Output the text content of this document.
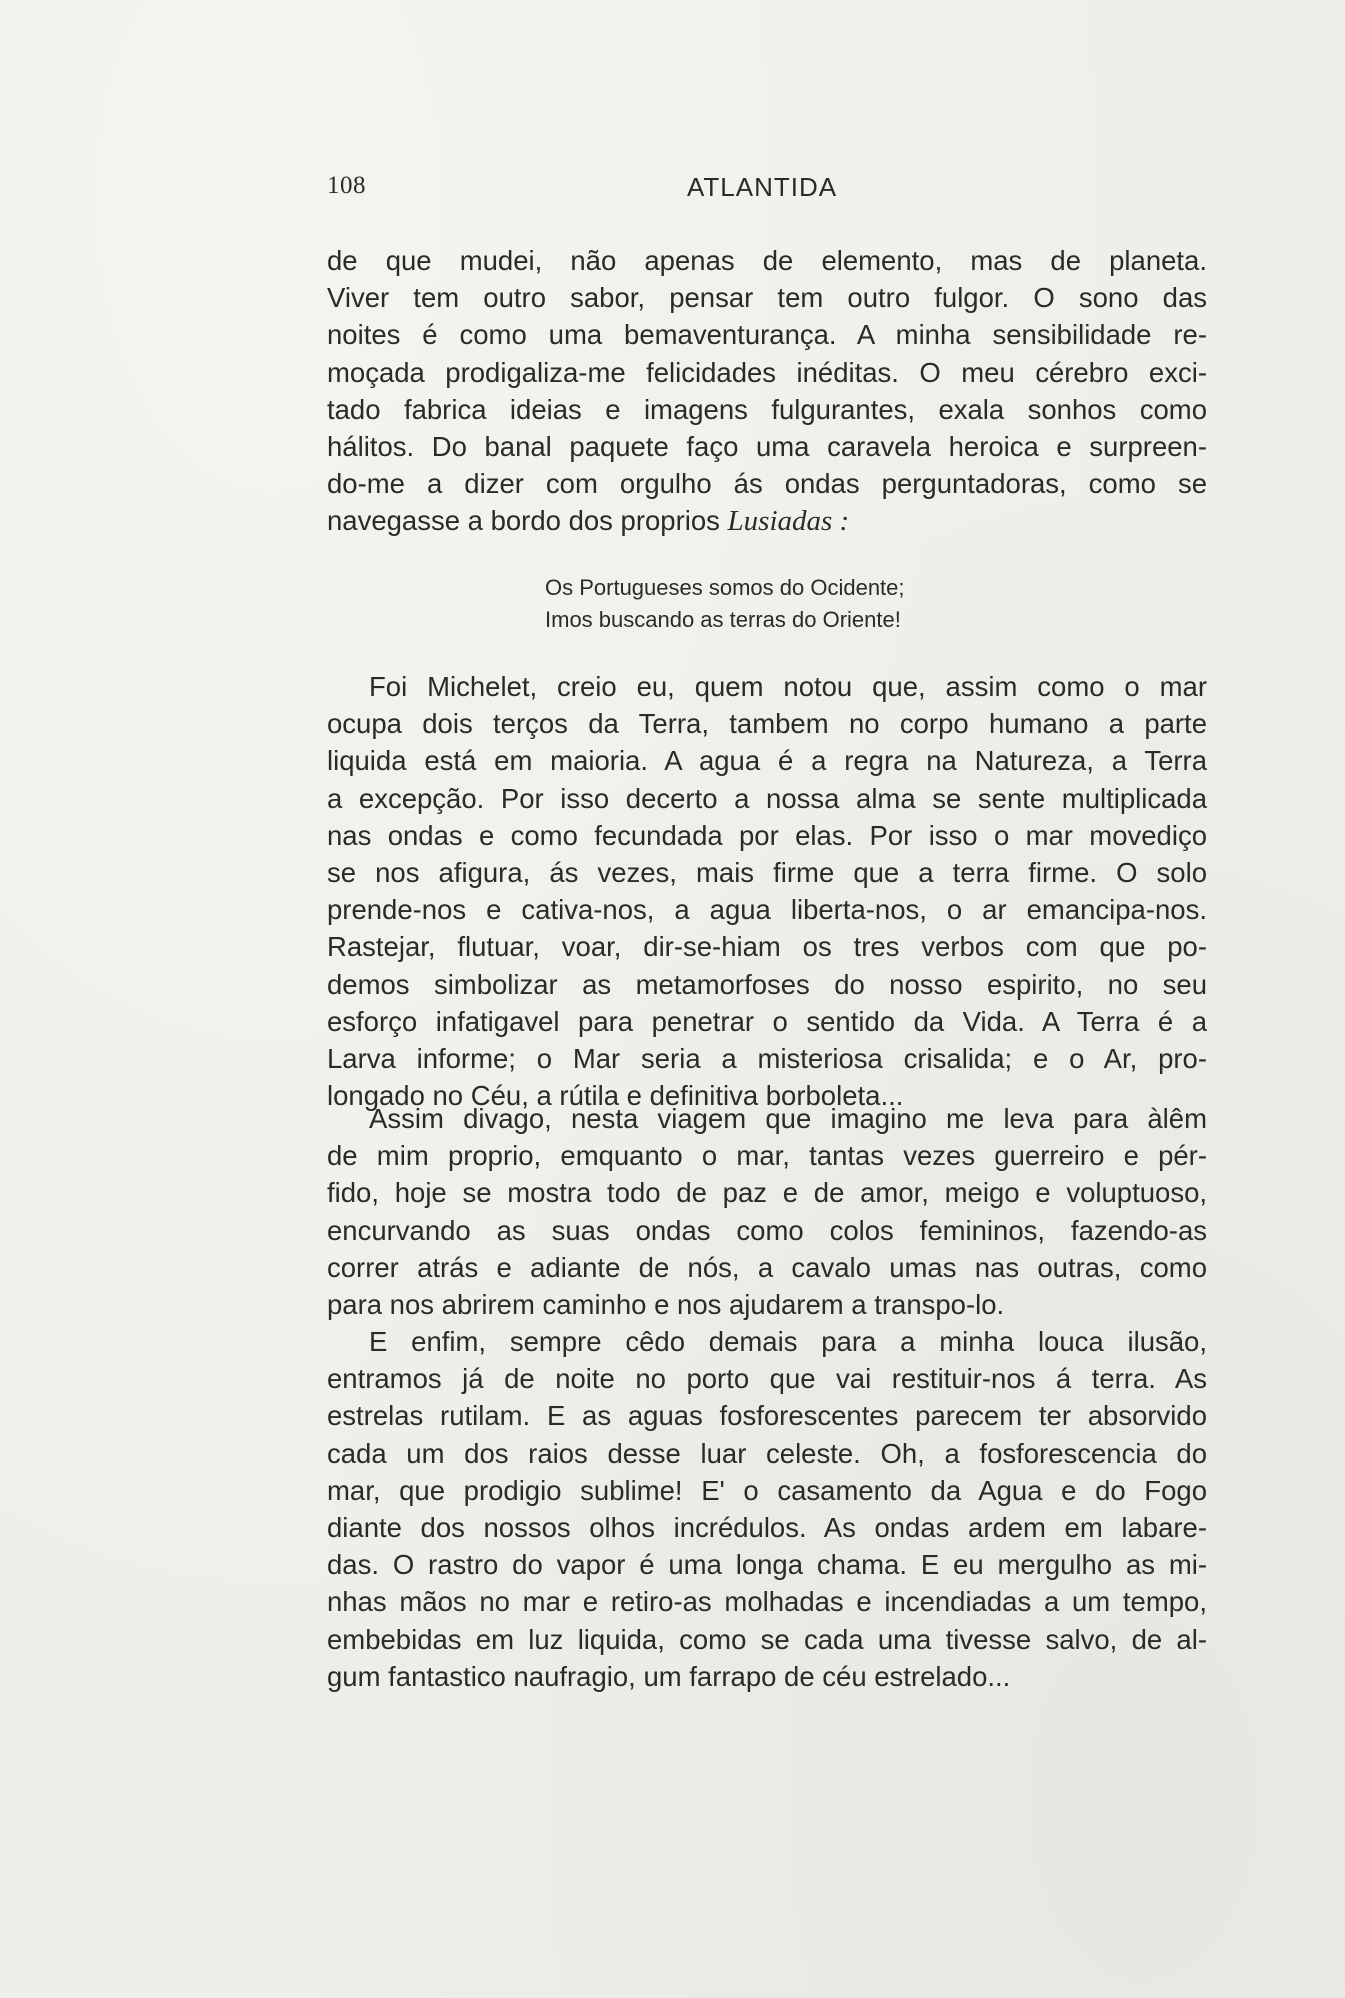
108	ATLANTIDA
de que mudei, não apenas de elemento, mas de planeta.
Viver tem outro sabor, pensar tem outro fulgor. O sono das
noites é como uma bemaventurança. A minha sensibilidade re-
moçada prodigaliza-me felicidades inéditas. O meu cérebro exci-
tado fabrica ideias e imagens fulgurantes, exala sonhos como
hálitos. Do banal paquete faço uma caravela heroica e surpreen-
do-me a dizer com orgulho ás ondas perguntadoras, como se
navegasse a bordo dos proprios Lusiadas :
Os Portugueses somos do Ocidente;
Imos buscando as terras do Oriente!
Foi Michelet, creio eu, quem notou que, assim como o mar
ocupa dois terços da Terra, tambem no corpo humano a parte
liquida está em maioria. A agua é a regra na Natureza, a Terra
a excepção. Por isso decerto a nossa alma se sente multiplicada
nas ondas e como fecundada por elas. Por isso o mar movediço
se nos afigura, ás vezes, mais firme que a terra firme. O solo
prende-nos e cativa-nos, a agua liberta-nos, o ar emancipa-nos.
Rastejar, flutuar, voar, dir-se-hiam os tres verbos com que po-
demos simbolizar as metamorfoses do nosso espirito, no seu
esforço infatigavel para penetrar o sentido da Vida. A Terra é a
Larva informe; o Mar seria a misteriosa crisalida; e o Ar, pro-
longado no Céu, a rútila e definitiva borboleta...
Assim divago, nesta viagem que imagino me leva para àlêm
de mim proprio, emquanto o mar, tantas vezes guerreiro e pér-
fido, hoje se mostra todo de paz e de amor, meigo e voluptuoso,
encurvando as suas ondas como colos femininos, fazendo-as
correr atrás e adiante de nós, a cavalo umas nas outras, como
para nos abrirem caminho e nos ajudarem a transpo-lo.
E enfim, sempre cêdo demais para a minha louca ilusão,
entramos já de noite no porto que vai restituir-nos á terra. As
estrelas rutilam. E as aguas fosforescentes parecem ter absorvido
cada um dos raios desse luar celeste. Oh, a fosforescencia do
mar, que prodigio sublime! E' o casamento da Agua e do Fogo
diante dos nossos olhos incrédulos. As ondas ardem em labare-
das. O rastro do vapor é uma longa chama. E eu mergulho as mi-
nhas mãos no mar e retiro-as molhadas e incendiadas a um tempo,
embebidas em luz liquida, como se cada uma tivesse salvo, de al-
gum fantastico naufragio, um farrapo de céu estrelado...
